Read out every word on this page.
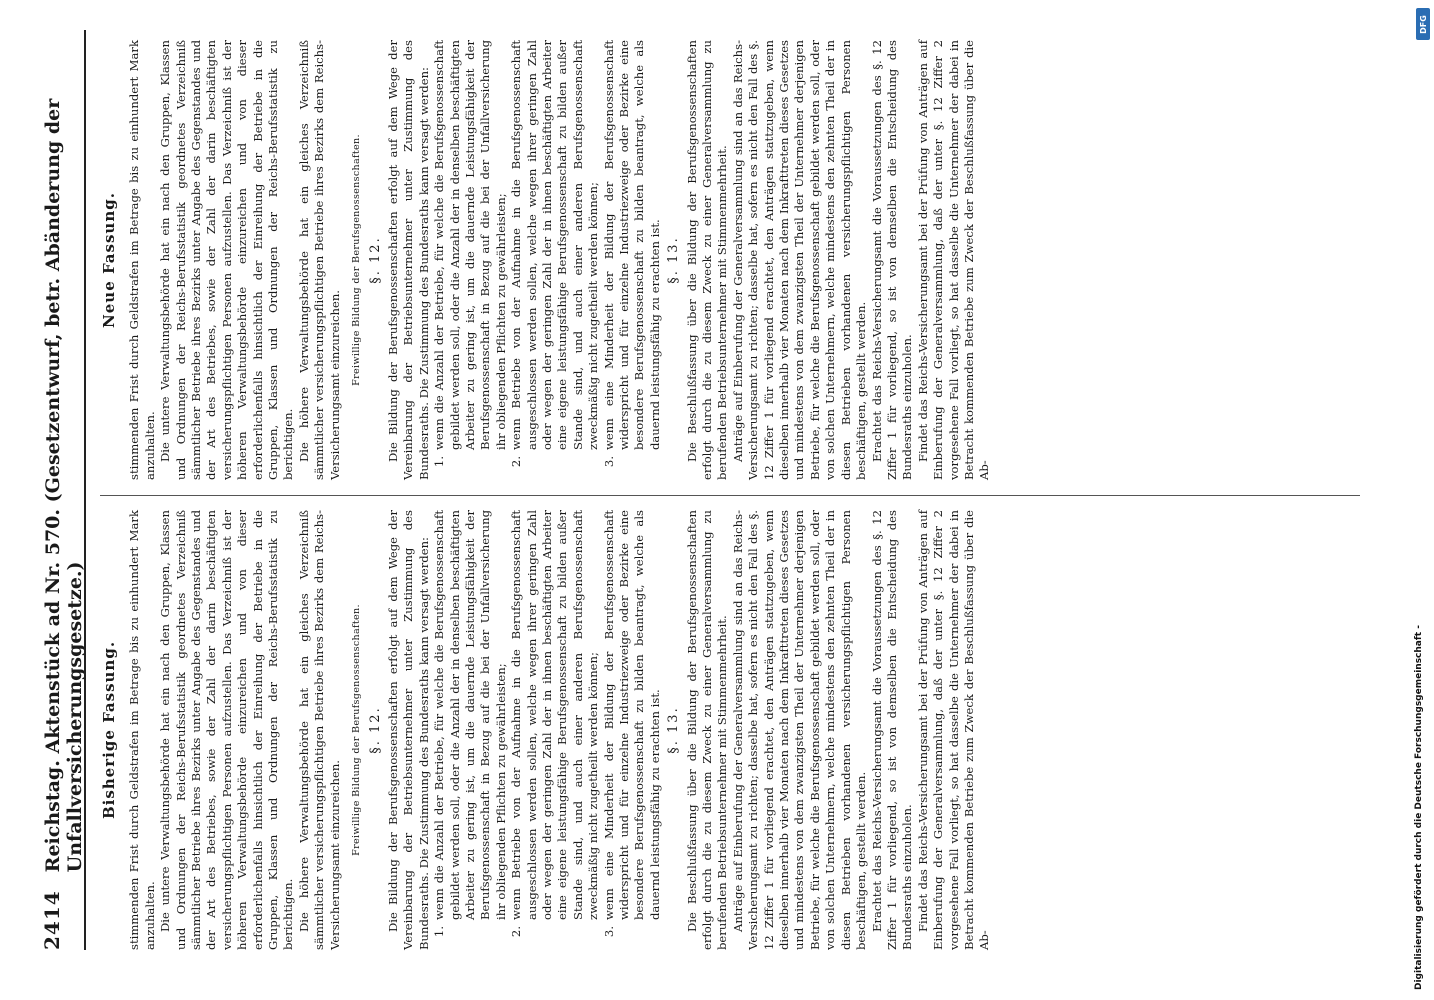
2414
Reichstag. Aktenstück ad Nr. 570. (Gesetzentwurf, betr. Abänderung der Unfallversicherungsgesetze.) Bisherige Fassung. stimmenden Frist durch Geldstrafen im Betrage bis zu einhundert Mark anzuhalten. Die untere Verwaltungsbehörde hat ein nach den Gruppen, Klassen und Ordnungen der Reichs-Berufsstatistik geordnetes Verzeichniß sämmtlicher Betriebe ihres Bezirks unter Angabe des Gegenstandes und der Art des Betriebes, sowie der Zahl der darin beschäftigten versicherungspflichtigen Personen aufzustellen. Das Verzeichniß ist der höheren Verwaltungsbehörde einzureichen und von dieser erforderlichenfalls hinsichtlich der Einreihung der Betriebe in die Gruppen, Klassen und Ordnungen der Reichs-Berufsstatistik zu berichtigen. Die höhere Verwaltungsbehörde hat ein gleiches Verzeichniß sämmtlicher versicherungspflichtigen Betriebe ihres Bezirks dem Reichs-Versicherungsamt einzureichen. Freiwillige Bildung der Berufsgenossenschaften. §. 12. Die Bildung der Berufsgenossenschaften erfolgt auf dem Wege der Vereinbarung der Betriebsunternehmer unter Zustimmung des Bundesraths. Die Zustimmung des Bundesraths kann versagt werden: 1.
wenn die Anzahl der Betriebe, für welche die Berufsgenossenschaft gebildet werden soll, oder die Anzahl der in denselben beschäftigten Arbeiter zu gering ist, um die dauernde Leistungsfähigkeit der Berufsgenossenschaft in Bezug auf die bei der Unfallversicherung ihr obliegenden Pflichten zu gewährleisten;
2.
wenn Betriebe von der Aufnahme in die Berufsgenossenschaft ausgeschlossen werden sollen, welche wegen ihrer geringen Zahl oder wegen der geringen Zahl der in ihnen beschäftigten Arbeiter eine eigene leistungsfähige Berufsgenossenschaft zu bilden außer Stande sind, und auch einer anderen Berufsgenossenschaft zweckmäßig nicht zugetheilt werden können;
3.
wenn eine Minderheit der Bildung der Berufsgenossenschaft widerspricht und für einzelne Industriezweige oder Bezirke eine besondere Berufsgenossenschaft zu bilden beantragt, welche als dauernd leistungsfähig zu erachten ist. §. 13. Die Beschlußfassung über die Bildung der Berufsgenossenschaften erfolgt durch die zu diesem Zweck zu einer Generalversammlung zu berufenden Betriebsunternehmer mit Stimmenmehrheit. Anträge auf Einberufung der Generalversammlung sind an das Reichs-Versicherungsamt zu richten; dasselbe hat, sofern es nicht den Fall des §. 12 Ziffer 1 für vorliegend erachtet, den Anträgen stattzugeben, wenn dieselben innerhalb vier Monaten nach dem Inkrafttreten dieses Gesetzes und mindestens von dem zwanzigsten Theil der Unternehmer derjenigen Betriebe, für welche die Berufsgenossenschaft gebildet werden soll, oder von solchen Unternehmern, welche mindestens den zehnten Theil der in diesen Betrieben vorhandenen versicherungspflichtigen Personen beschäftigen, gestellt werden. Erachtet das Reichs-Versicherungsamt die Voraussetzungen des §. 12 Ziffer 1 für vorliegend, so ist von demselben die Entscheidung des Bundesraths einzuholen. Findet das Reichs-Versicherungsamt bei der Prüfung von Anträgen auf Einberufung der Generalversammlung, daß der unter §. 12 Ziffer 2 vorgesehene Fall vorliegt, so hat dasselbe die Unternehmer der dabei in Betracht kommenden Betriebe zum Zweck der Beschlußfassung über die Ab-

Neue Fassung. stimmenden Frist durch Geldstrafen im Betrage bis zu einhundert Mark anzuhalten. Die untere Verwaltungsbehörde hat ein nach den Gruppen, Klassen und Ordnungen der Reichs-Berufsstatistik geordnetes Verzeichniß sämmtlicher Betriebe ihres Bezirks unter Angabe des Gegenstandes und der Art des Betriebes, sowie der Zahl der darin beschäftigten versicherungspflichtigen Personen aufzustellen. Das Verzeichniß ist der höheren Verwaltungsbehörde einzureichen und von dieser erforderlichenfalls hinsichtlich der Einreihung der Betriebe in die Gruppen, Klassen und Ordnungen der Reichs-Berufsstatistik zu berichtigen. Die höhere Verwaltungsbehörde hat ein gleiches Verzeichniß sämmtlicher versicherungspflichtigen Betriebe ihres Bezirks dem Reichs-Versicherungsamt einzureichen. Freiwillige Bildung der Berufsgenossenschaften. §. 12. Die Bildung der Berufsgenossenschaften erfolgt auf dem Wege der Vereinbarung der Betriebsunternehmer unter Zustimmung des Bundesraths. Die Zustimmung des Bundesraths kann versagt werden: 1.
wenn die Anzahl der Betriebe, für welche die Berufsgenossenschaft gebildet werden soll, oder die Anzahl der in denselben beschäftigten Arbeiter zu gering ist, um die dauernde Leistungsfähigkeit der Berufsgenossenschaft in Bezug auf die bei der Unfallversicherung ihr obliegenden Pflichten zu gewährleisten;
2.
wenn Betriebe von der Aufnahme in die Berufsgenossenschaft ausgeschlossen werden sollen, welche wegen ihrer geringen Zahl oder wegen der geringen Zahl der in ihnen beschäftigten Arbeiter eine eigene leistungsfähige Berufsgenossenschaft zu bilden außer Stande sind, und auch einer anderen Berufsgenossenschaft zweckmäßig nicht zugetheilt werden können;
3.
wenn eine Minderheit der Bildung der Berufsgenossenschaft widerspricht und für einzelne Industriezweige oder Bezirke eine besondere Berufsgenossenschaft zu bilden beantragt, welche als dauernd leistungsfähig zu erachten ist. §. 13. Die Beschlußfassung über die Bildung der Berufsgenossenschaften erfolgt durch die zu diesem Zweck zu einer Generalversammlung zu berufenden Betriebsunternehmer mit Stimmenmehrheit. Anträge auf Einberufung der Generalversammlung sind an das Reichs-Versicherungsamt zu richten; dasselbe hat, sofern es nicht den Fall des §. 12 Ziffer 1 für vorliegend erachtet, den Anträgen stattzugeben, wenn dieselben innerhalb vier Monaten nach dem Inkrafttreten dieses Gesetzes und mindestens von dem zwanzigsten Theil der Unternehmer derjenigen Betriebe, für welche die Berufsgenossenschaft gebildet werden soll, oder von solchen Unternehmern, welche mindestens den zehnten Theil der in diesen Betrieben vorhandenen versicherungspflichtigen Personen beschäftigen, gestellt werden. Erachtet das Reichs-Versicherungsamt die Voraussetzungen des §. 12 Ziffer 1 für vorliegend, so ist von demselben die Entscheidung des Bundesraths einzuholen. Findet das Reichs-Versicherungsamt bei der Prüfung von Anträgen auf Einberufung der Generalversammlung, daß der unter §. 12 Ziffer 2 vorgesehene Fall vorliegt, so hat dasselbe die Unternehmer der dabei in Betracht kommenden Betriebe zum Zweck der Beschlußfassung über die Ab-

Digitalisierung gefördert durch die Deutsche Forschungsgemeinschaft -
DFG
